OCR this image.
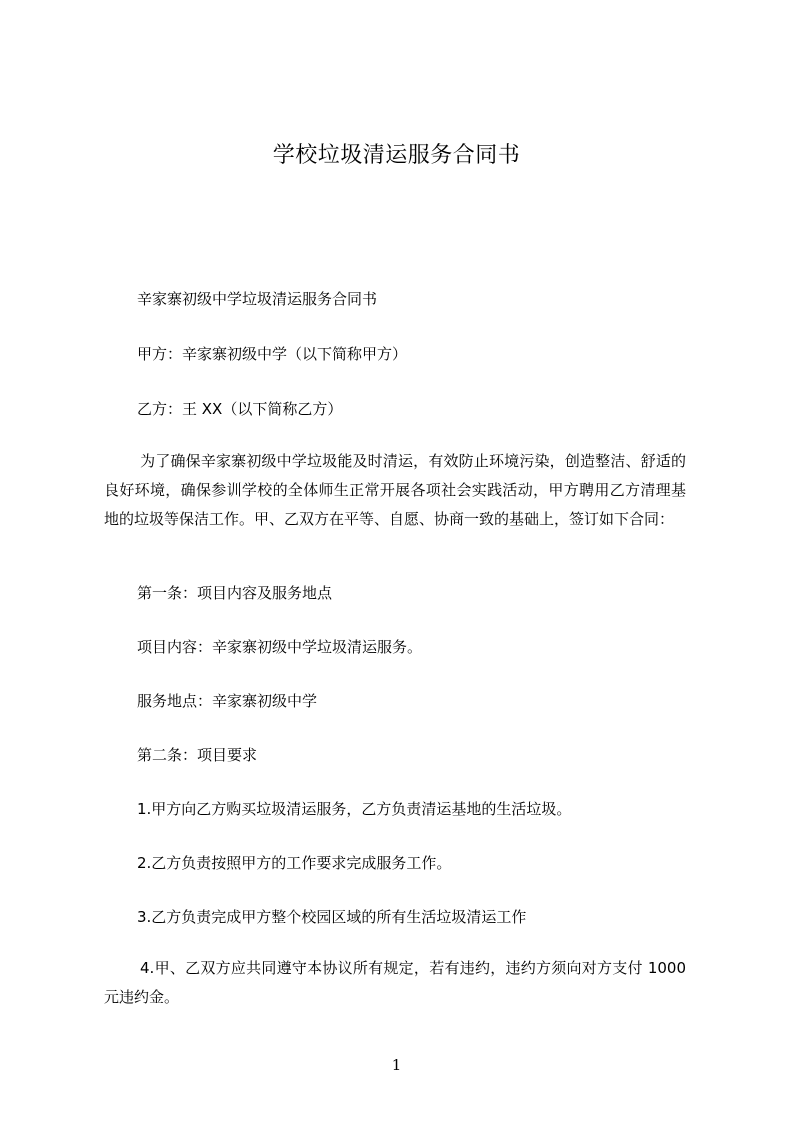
学校垃圾清运服务合同书
辛家寨初级中学垃圾清运服务合同书
甲方：辛家寨初级中学（以下简称甲方）
乙方：王 XX（以下简称乙方）
为了确保辛家寨初级中学垃圾能及时清运，有效防止环境污染，创造整洁、舒适的良好环境，确保参训学校的全体师生正常开展各项社会实践活动，甲方聘用乙方清理基地的垃圾等保洁工作。甲、乙双方在平等、自愿、协商一致的基础上，签订如下合同：
第一条：项目内容及服务地点
项目内容：辛家寨初级中学垃圾清运服务。
服务地点：辛家寨初级中学
第二条：项目要求
1.甲方向乙方购买垃圾清运服务，乙方负责清运基地的生活垃圾。
2.乙方负责按照甲方的工作要求完成服务工作。
3.乙方负责完成甲方整个校园区域的所有生活垃圾清运工作
4.甲、乙双方应共同遵守本协议所有规定，若有违约，违约方须向对方支付 1000 元违约金。
1
